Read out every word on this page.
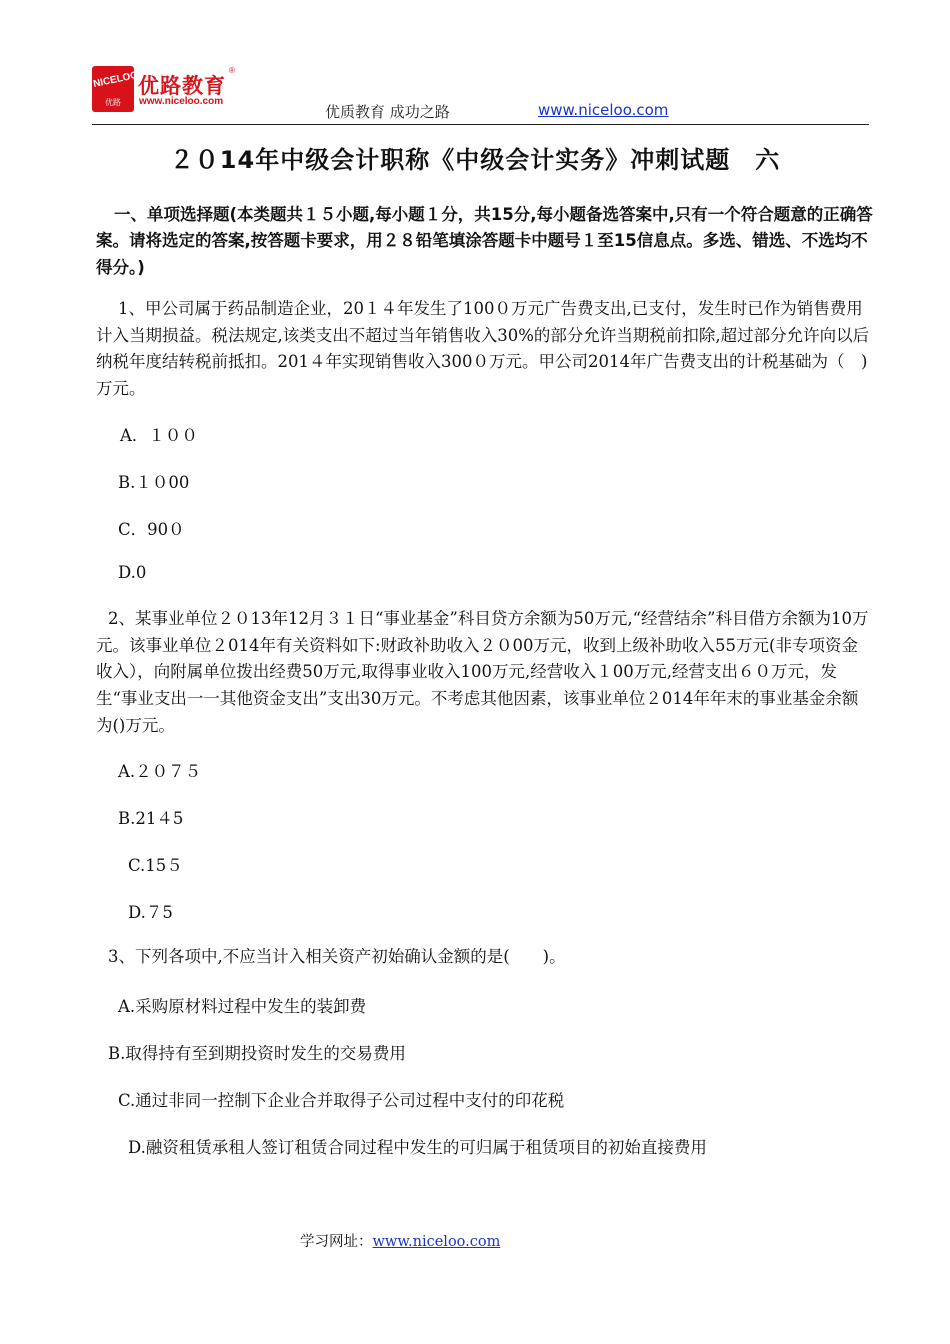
NICELOO
优路
优路教育
®
www.niceloo.com
优质教育 成功之路	www.niceloo.com
２０14年中级会计职称《中级会计实务》冲刺试题　六
一、单项选择题(本类题共１５小题,每小题１分，共15分,每小题备选答案中,只有一个符合题意的正确答案。请将选定的答案,按答题卡要求，用２８铅笔填涂答题卡中题号１至15信息点。多选、错选、不选均不得分。)
1、甲公司属于药品制造企业，20１４年发生了100０万元广告费支出,已支付，发生时已作为销售费用计入当期损益。税法规定,该类支出不超过当年销售收入30%的部分允许当期税前扣除,超过部分允许向以后纳税年度结转税前抵扣。201４年实现销售收入300０万元。甲公司2014年广告费支出的计税基础为（　)万元。
A．１００
B.１０00
C．90０
D.0
2、某事业单位２０13年12月３１日“事业基金”科目贷方余额为50万元,“经营结余”科目借方余额为10万元。该事业单位２014年有关资料如下:财政补助收入２０00万元，收到上级补助收入55万元(非专项资金收入），向附属单位拨出经费50万元,取得事业收入100万元,经营收入１00万元,经营支出６０万元，发生“事业支出一一其他资金支出”支出30万元。不考虑其他因素，该事业单位２014年年末的事业基金余额为()万元。
A.２０７５
B.21４5
C.15５
D.７5
3、下列各项中,不应当计入相关资产初始确认金额的是(　　)。
A.采购原材料过程中发生的装卸费
B.取得持有至到期投资时发生的交易费用
C.通过非同一控制下企业合并取得子公司过程中支付的印花税
D.融资租赁承租人签订租赁合同过程中发生的可归属于租赁项目的初始直接费用
学习网址：www.niceloo.com
